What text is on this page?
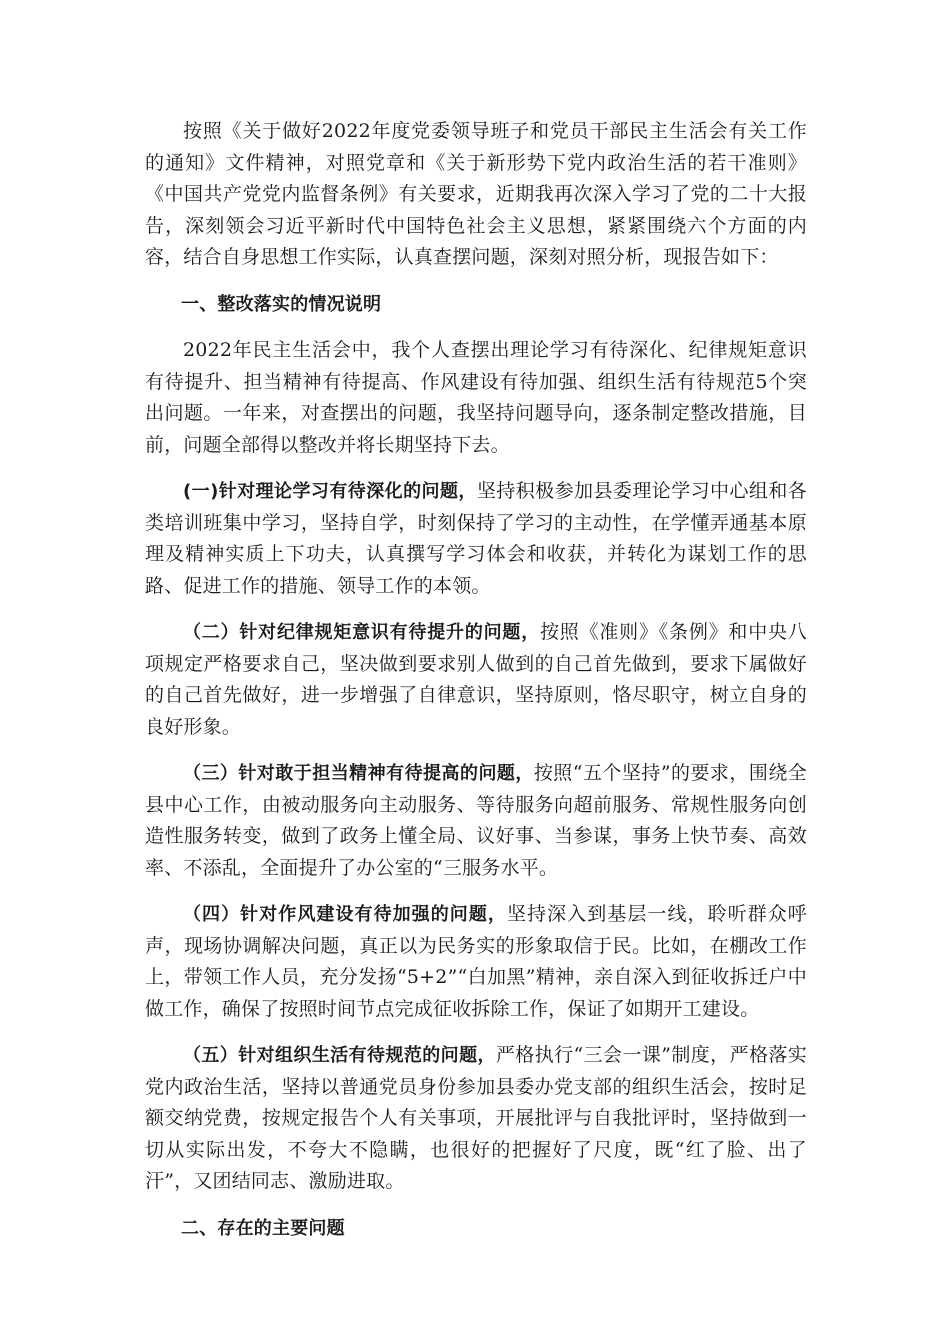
按照《关于做好2022年度党委领导班子和党员干部民主生活会有关工作的通知》文件精神，对照党章和《关于新形势下党内政治生活的若干准则》《中国共产党党内监督条例》有关要求，近期我再次深入学习了党的二十大报告，深刻领会习近平新时代中国特色社会主义思想，紧紧围绕六个方面的内容，结合自身思想工作实际，认真查摆问题，深刻对照分析，现报告如下：

一、整改落实的情况说明

2022年民主生活会中，我个人查摆出理论学习有待深化、纪律规矩意识有待提升、担当精神有待提高、作风建设有待加强、组织生活有待规范5个突出问题。一年来，对查摆出的问题，我坚持问题导向，逐条制定整改措施，目前，问题全部得以整改并将长期坚持下去。

(一)针对理论学习有待深化的问题，坚持积极参加县委理论学习中心组和各类培训班集中学习，坚持自学，时刻保持了学习的主动性，在学懂弄通基本原理及精神实质上下功夫，认真撰写学习体会和收获，并转化为谋划工作的思路、促进工作的措施、领导工作的本领。

（二）针对纪律规矩意识有待提升的问题，按照《准则》《条例》和中央八项规定严格要求自己，坚决做到要求别人做到的自己首先做到，要求下属做好的自己首先做好，进一步增强了自律意识，坚持原则，恪尽职守，树立自身的良好形象。

（三）针对敢于担当精神有待提高的问题，按照“五个坚持”的要求，围绕全县中心工作，由被动服务向主动服务、等待服务向超前服务、常规性服务向创造性服务转变，做到了政务上懂全局、议好事、当参谋，事务上快节奏、高效率、不添乱，全面提升了办公室的“三服务水平。

（四）针对作风建设有待加强的问题，坚持深入到基层一线，聆听群众呼声，现场协调解决问题，真正以为民务实的形象取信于民。比如，在棚改工作上，带领工作人员，充分发扬“5+2”“白加黑”精神，亲自深入到征收拆迁户中做工作，确保了按照时间节点完成征收拆除工作，保证了如期开工建设。

（五）针对组织生活有待规范的问题，严格执行“三会一课”制度，严格落实党内政治生活，坚持以普通党员身份参加县委办党支部的组织生活会，按时足额交纳党费，按规定报告个人有关事项，开展批评与自我批评时，坚持做到一切从实际出发，不夸大不隐瞒，也很好的把握好了尺度，既“红了脸、出了汗”，又团结同志、激励进取。

二、存在的主要问题
